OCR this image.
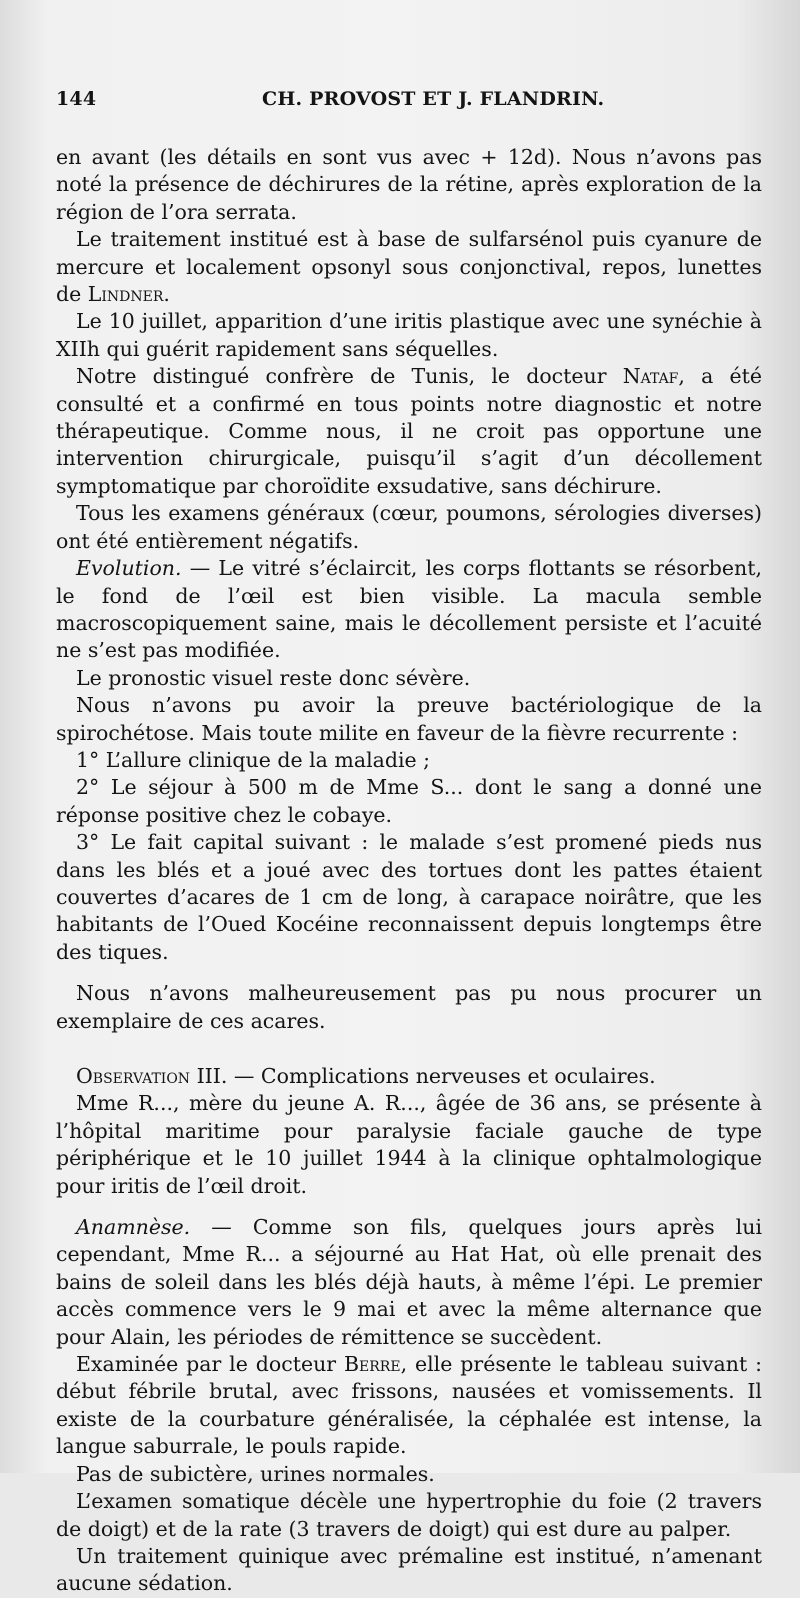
144	CH. PROVOST ET J. FLANDRIN.

en avant (les détails en sont vus avec + 12d). Nous n’avons pas noté la présence de déchirures de la rétine, après exploration de la région de l’ora serrata.

Le traitement institué est à base de sulfarsénol puis cyanure de mercure et localement opsonyl sous conjonctival, repos, lunettes de Lindner.

Le 10 juillet, apparition d’une iritis plastique avec une synéchie à XIIh qui guérit rapidement sans séquelles.

Notre distingué confrère de Tunis, le docteur Nataf, a été consulté et a confirmé en tous points notre diagnostic et notre thérapeutique. Comme nous, il ne croit pas opportune une intervention chirurgicale, puisqu’il s’agit d’un décollement symptomatique par choroïdite exsudative, sans déchirure.

Tous les examens généraux (cœur, poumons, sérologies diverses) ont été entièrement négatifs.

Evolution. — Le vitré s’éclaircit, les corps flottants se résorbent, le fond de l’œil est bien visible. La macula semble macroscopiquement saine, mais le décollement persiste et l’acuité ne s’est pas modifiée.

Le pronostic visuel reste donc sévère.

Nous n’avons pu avoir la preuve bactériologique de la spirochétose. Mais toute milite en faveur de la fièvre recurrente :

1° L’allure clinique de la maladie ;

2° Le séjour à 500 m de Mme S... dont le sang a donné une réponse positive chez le cobaye.

3° Le fait capital suivant : le malade s’est promené pieds nus dans les blés et a joué avec des tortues dont les pattes étaient couvertes d’acares de 1 cm de long, à carapace noirâtre, que les habitants de l’Oued Kocéine reconnaissent depuis longtemps être des tiques.

Nous n’avons malheureusement pas pu nous procurer un exemplaire de ces acares.

Observation III. — Complications nerveuses et oculaires.

Mme R..., mère du jeune A. R..., âgée de 36 ans, se présente à l’hôpital maritime pour paralysie faciale gauche de type périphérique et le 10 juillet 1944 à la clinique ophtalmologique pour iritis de l’œil droit.

Anamnèse. — Comme son fils, quelques jours après lui cependant, Mme R... a séjourné au Hat Hat, où elle prenait des bains de soleil dans les blés déjà hauts, à même l’épi. Le premier accès commence vers le 9 mai et avec la même alternance que pour Alain, les périodes de rémittence se succèdent.

Examinée par le docteur Berre, elle présente le tableau suivant : début fébrile brutal, avec frissons, nausées et vomissements. Il existe de la courbature généralisée, la céphalée est intense, la langue saburrale, le pouls rapide.

Pas de subictère, urines normales.

L’examen somatique décèle une hypertrophie du foie (2 travers de doigt) et de la rate (3 travers de doigt) qui est dure au palper.

Un traitement quinique avec prémaline est institué, n’amenant aucune sédation.
